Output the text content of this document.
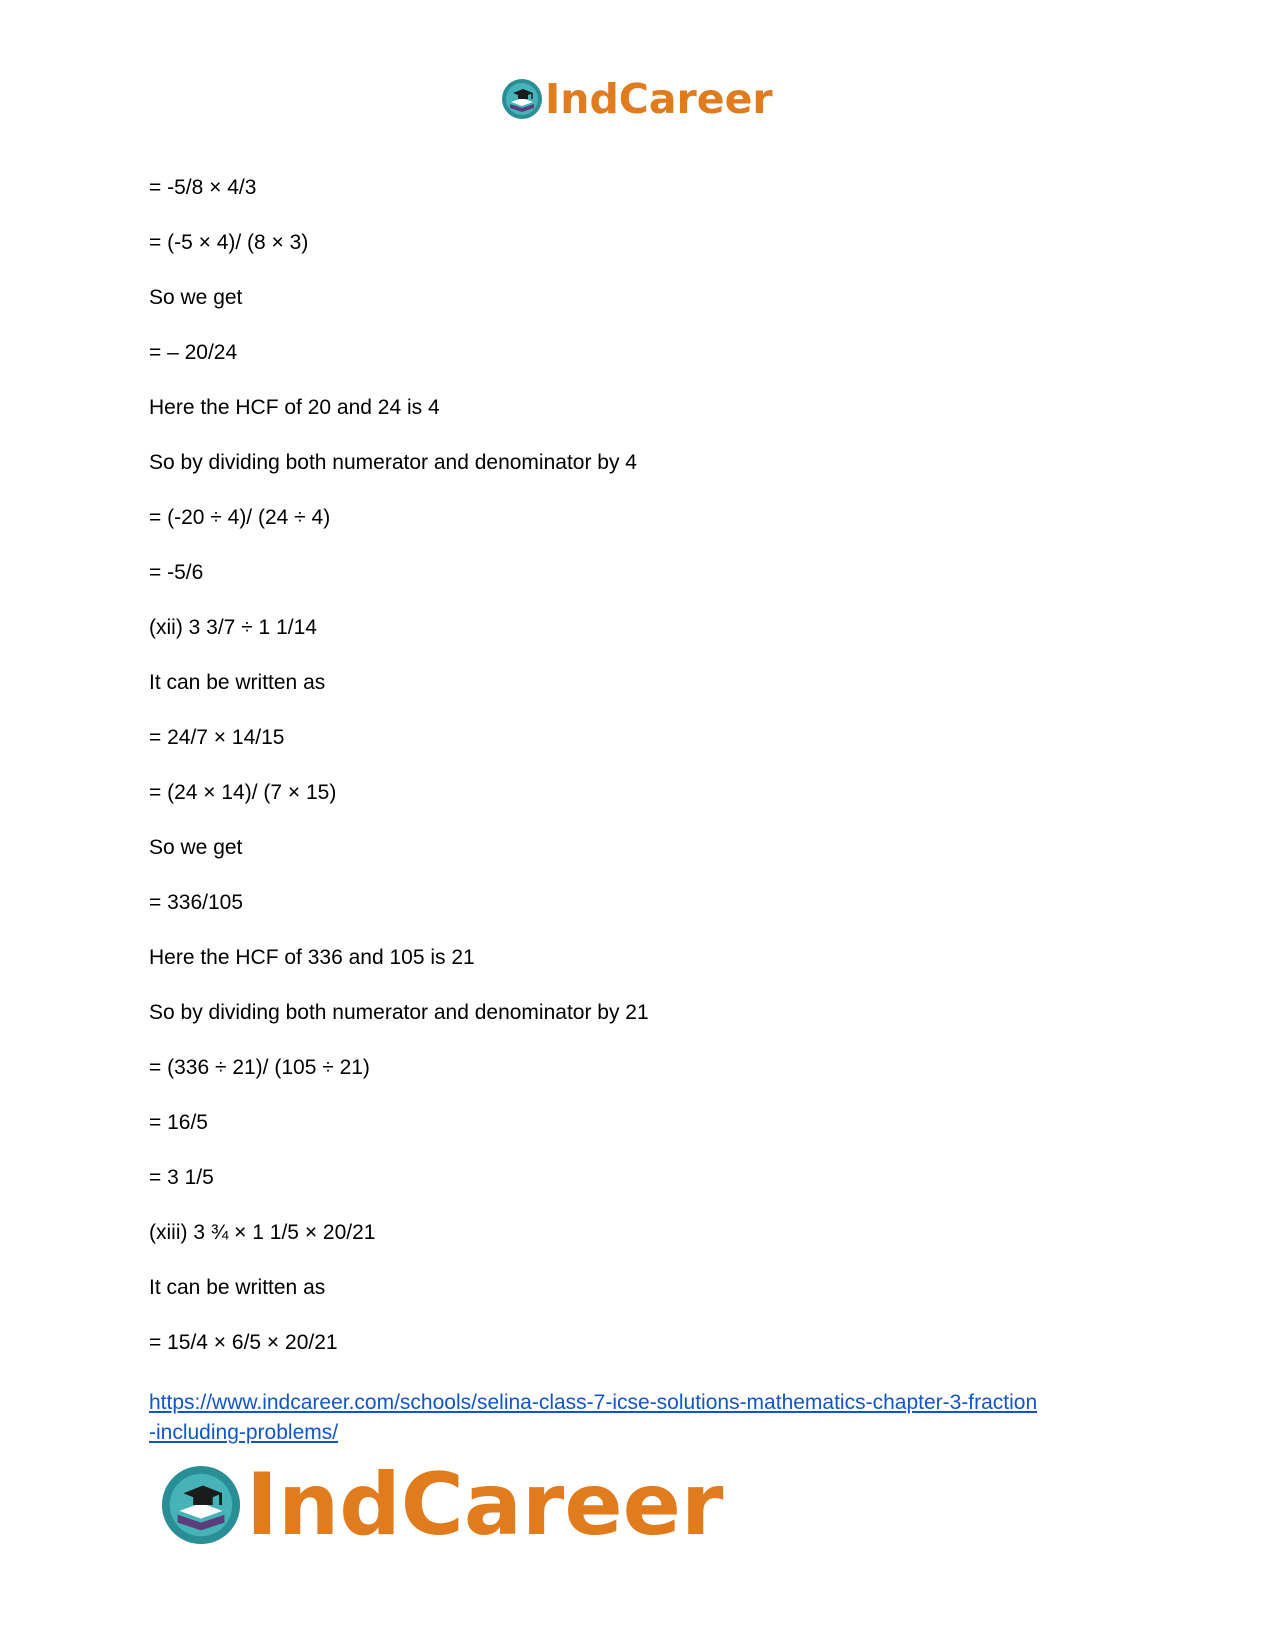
IndCareer
= -5/8 × 4/3
= (-5 × 4)/ (8 × 3)
So we get
= – 20/24
Here the HCF of 20 and 24 is 4
So by dividing both numerator and denominator by 4
= (-20 ÷ 4)/ (24 ÷ 4)
= -5/6
(xii) 3 3/7 ÷ 1 1/14
It can be written as
= 24/7 × 14/15
= (24 × 14)/ (7 × 15)
So we get
= 336/105
Here the HCF of 336 and 105 is 21
So by dividing both numerator and denominator by 21
= (336 ÷ 21)/ (105 ÷ 21)
= 16/5
= 3 1/5
(xiii) 3 ¾ × 1 1/5 × 20/21
It can be written as
= 15/4 × 6/5 × 20/21
https://www.indcareer.com/schools/selina-class-7-icse-solutions-mathematics-chapter-3-fraction
-including-problems/
IndCareer
